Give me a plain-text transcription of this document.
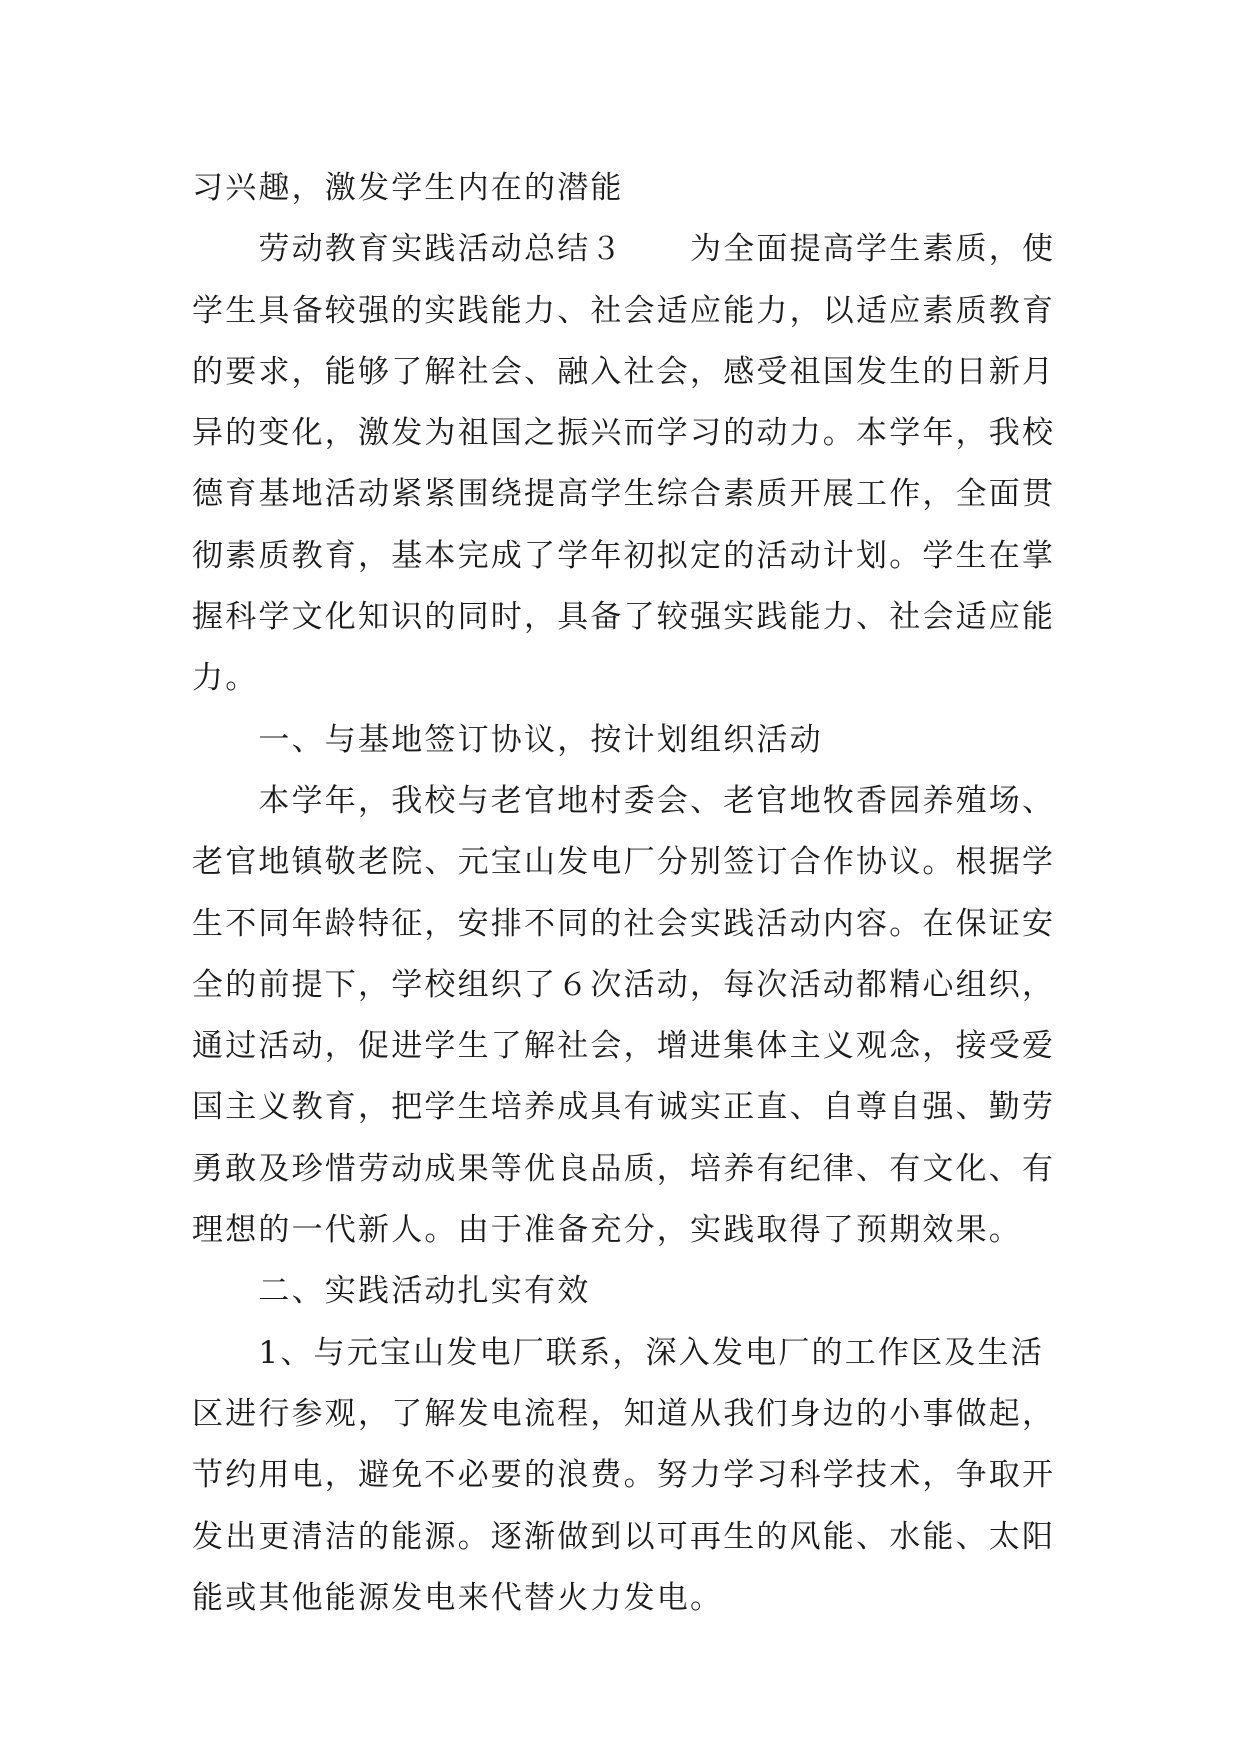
习兴趣，激发学生内在的潜能

　　劳动教育实践活动总结３　　为全面提高学生素质，使

学生具备较强的实践能力、社会适应能力，以适应素质教育

的要求，能够了解社会、融入社会，感受祖国发生的日新月

异的变化，激发为祖国之振兴而学习的动力。本学年，我校

德育基地活动紧紧围绕提高学生综合素质开展工作，全面贯

彻素质教育，基本完成了学年初拟定的活动计划。学生在掌

握科学文化知识的同时，具备了较强实践能力、社会适应能

力。

　　一、与基地签订协议，按计划组织活动

　　本学年，我校与老官地村委会、老官地牧香园养殖场、

老官地镇敬老院、元宝山发电厂分别签订合作协议。根据学

生不同年龄特征，安排不同的社会实践活动内容。在保证安

全的前提下，学校组织了６次活动，每次活动都精心组织，

通过活动，促进学生了解社会，增进集体主义观念，接受爱

国主义教育，把学生培养成具有诚实正直、自尊自强、勤劳

勇敢及珍惜劳动成果等优良品质，培养有纪律、有文化、有

理想的一代新人。由于准备充分，实践取得了预期效果。

　　二、实践活动扎实有效

　　1、与元宝山发电厂联系，深入发电厂的工作区及生活

区进行参观，了解发电流程，知道从我们身边的小事做起，

节约用电，避免不必要的浪费。努力学习科学技术，争取开

发出更清洁的能源。逐渐做到以可再生的风能、水能、太阳

能或其他能源发电来代替火力发电。
